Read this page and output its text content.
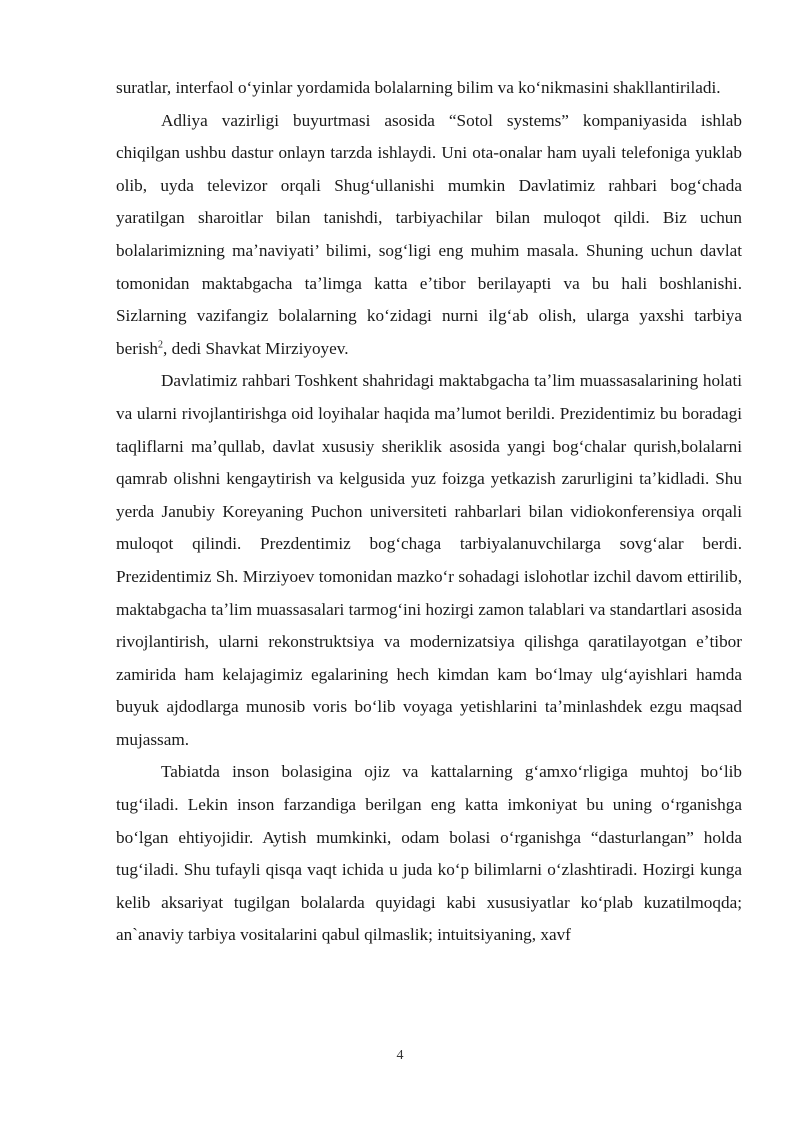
suratlar, interfaol oʻyinlar yordamida bolalarning bilim va koʻnikmasini shakllantiriladi.

Adliya vazirligi buyurtmasi asosida “Sotol systems” kompaniyasida ishlab chiqilgan ushbu dastur onlayn tarzda ishlaydi. Uni ota-onalar ham uyali telefoniga yuklab olib, uyda televizor orqali Shugʻullanishi mumkin Davlatimiz rahbari bogʻchada yaratilgan sharoitlar bilan tanishdi, tarbiyachilar bilan muloqot qildi. Biz uchun bolalarimizning maʼnaviyati’ bilimi, sogʻligi eng muhim masala. Shuning uchun davlat tomonidan maktabgacha taʼlimga katta eʼtibor berilayapti va bu hali boshlanishi. Sizlarning vazifangiz bolalarning koʻzidagi nurni ilgʻab olish, ularga yaxshi tarbiya berish$^2$, dedi Shavkat Mirziyoyev.

Davlatimiz rahbari Toshkent shahridagi maktabgacha taʼlim muassasalarining holati va ularni rivojlantirishga oid loyihalar haqida maʼlumot berildi. Prezidentimiz bu boradagi taqliflarni maʼqullab, davlat xususiy sheriklik asosida yangi bogʻchalar qurish,bolalarni qamrab olishni kengaytirish va kelgusida yuz foizga yetkazish zarurligini taʼkidladi. Shu yerda Janubiy Koreyaning Puchon universiteti rahbarlari bilan vidiokonferensiya orqali muloqot qilindi. Prezdentimiz bogʻchaga tarbiyalanuvchilarga sovgʻalar berdi. Prezidentimiz Sh. Mirziyoev tomonidan mazkoʻr sohadagi islohotlar izchil davom ettirilib, maktabgacha taʼlim muassasalari tarmogʻini hozirgi zamon talablari va standartlari asosida rivojlantirish, ularni rekonstruktsiya va modernizatsiya qilishga qaratilayotgan eʼtibor zamirida ham kelajagimiz egalarining hech kimdan kam boʻlmay ulgʻayishlari hamda buyuk ajdodlarga munosib voris boʻlib voyaga yetishlarini taʼminlashdek ezgu maqsad mujassam.

Tabiatda inson bolasigina ojiz va kattalarning gʻamxoʻrligiga muhtoj boʻlib tugʻiladi. Lekin inson farzandiga berilgan eng katta imkoniyat bu uning oʻrganishga boʻlgan ehtiyojidir. Aytish mumkinki, odam bolasi oʻrganishga “dasturlangan” holda tugʻiladi. Shu tufayli qisqa vaqt ichida u juda koʻp bilimlarni oʻzlashtiradi. Hozirgi kunga kelib aksariyat tugilgan bolalarda quyidagi kabi xususiyatlar koʻplab kuzatilmoqda; an`anaviy tarbiya vositalarini qabul qilmaslik; intuitsiyaning, xavf

4
